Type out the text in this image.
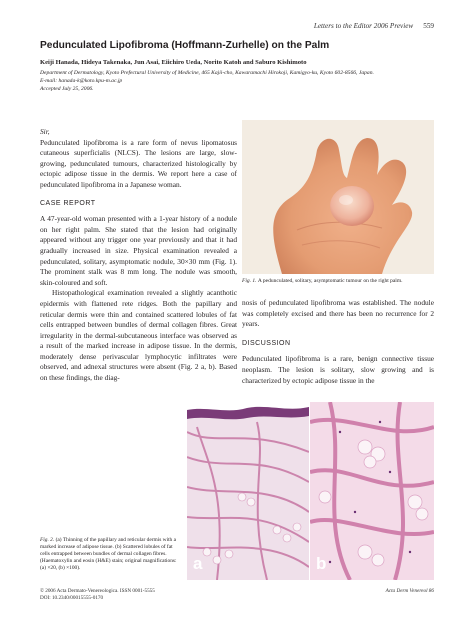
Letters to the Editor 2006 Preview 559
Pedunculated Lipofibroma (Hoffmann-Zurhelle) on the Palm
Keiji Hanada, Hideya Takenaka, Jun Asai, Eiichiro Ueda, Norito Katoh and Saburo Kishimoto
Department of Dermatology, Kyoto Prefectural University of Medicine, 465 Kajii-cho, Kawaramachi Hirokoji, Kamigyo-ku, Kyoto 602-8566, Japan.
E-mail: hanada-k@koto.kpu-m.ac.jp
Accepted July 25, 2006.

Sir,

Pedunculated lipofibroma is a rare form of nevus lipomatosus cutaneous superficialis (NLCS). The lesions are large, slow-growing, pedunculated tumours, characterized histologically by ectopic adipose tissue in the dermis. We report here a case of pedunculated lipofibroma in a Japanese woman.

CASE REPORT

A 47-year-old woman presented with a 1-year history of a nodule on her right palm. She stated that the lesion had originally appeared without any trigger one year previously and that it had gradually increased in size. Physical examination revealed a pedunculated, solitary, asymptomatic nodule, 30×30 mm (Fig. 1). The prominent stalk was 8 mm long. The nodule was smooth, skin-coloured and soft.

Histopathological examination revealed a slightly acanthotic epidermis with flattened rete ridges. Both the papillary and reticular dermis were thin and contained scattered lobules of fat cells entrapped between bundles of dermal collagen fibres. Great irregularity in the dermal-subcutaneous interface was observed as a result of the marked increase in adipose tissue. In the dermis, moderately dense perivascular lymphocytic infiltrates were observed, and adnexal structures were absent (Fig. 2 a, b). Based on these findings, the diag-

Fig. 1. A pedunculated, solitary, asymptomatic tumour on the right palm.

nosis of pedunculated lipofibroma was established. The nodule was completely excised and there has been no recurrence for 2 years.

DISCUSSION

Pedunculated lipofibroma is a rare, benign connective tissue neoplasm. The lesion is solitary, slow growing and is characterized by ectopic adipose tissue in the

a	b
Fig. 2. (a) Thinning of the papillary and reticular dermis with a marked increase of adipose tissue. (b) Scattered lobules of fat cells entrapped between bundles of dermal collagen fibres. (Haematoxylin and eosin (H&E) stain; original magnifications: (a) ×20, (b) ×100).
© 2006 Acta Dermato-Venereologica. ISSN 0001-5555
DOI: 10.2340/00015555-0170
Acta Derm Venereol 86
